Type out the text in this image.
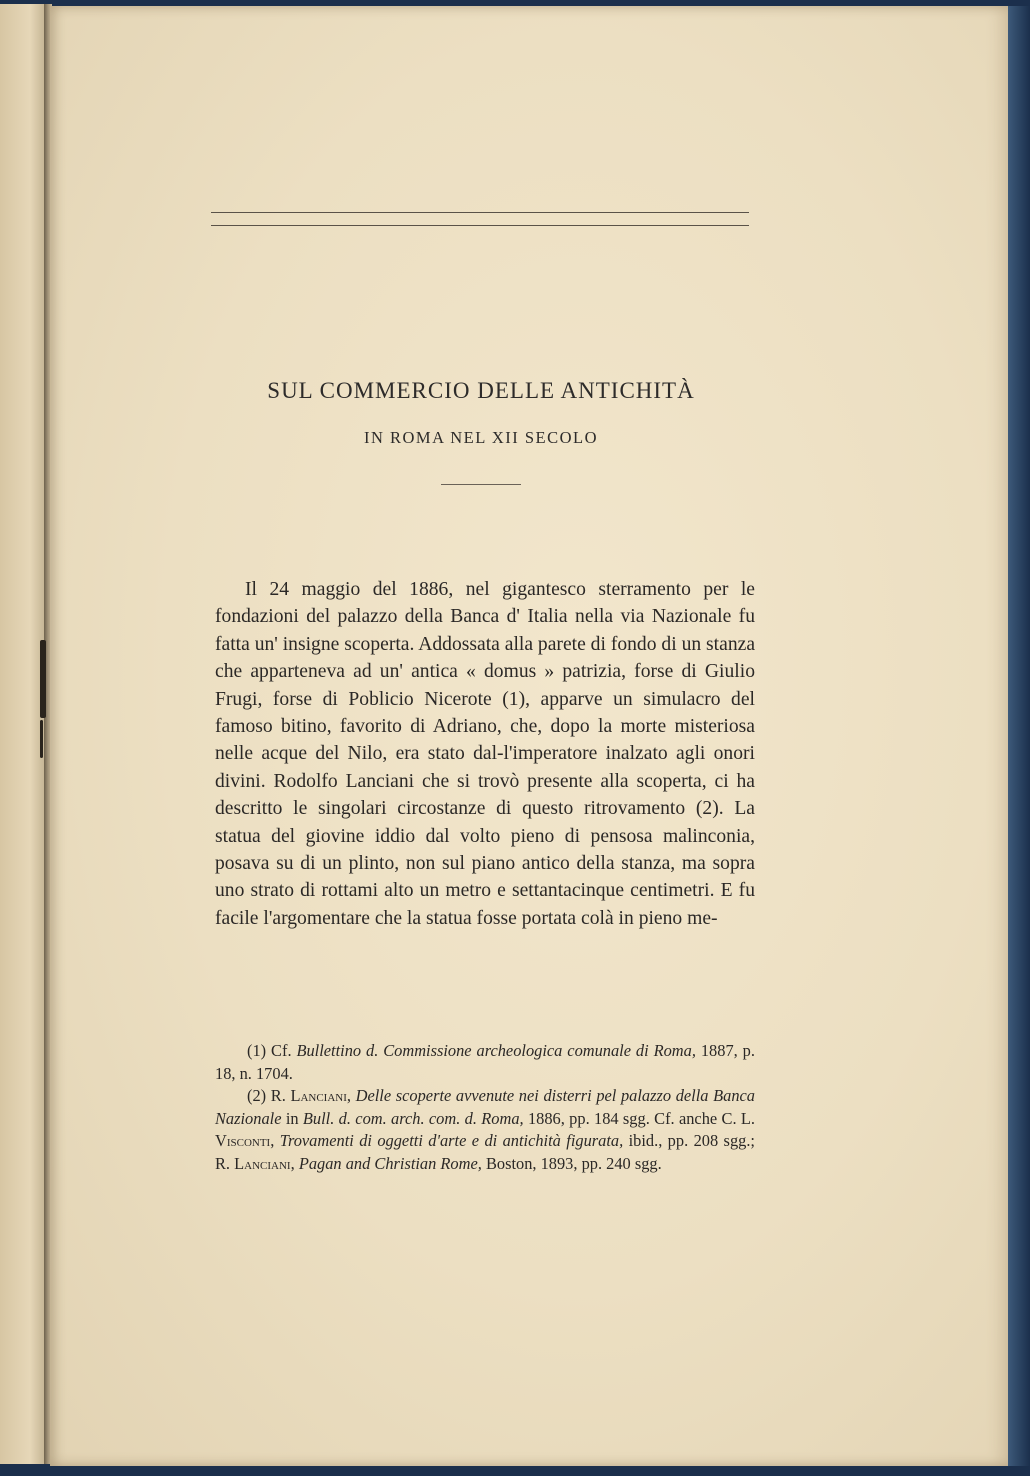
SUL COMMERCIO DELLE ANTICHITÀ
IN ROMA NEL XII SECOLO

Il 24 maggio del 1886, nel gigantesco sterramento per le fondazioni del palazzo della Banca d' Italia nella via Nazionale fu fatta un' insigne scoperta. Addossata alla parete di fondo di un stanza che apparteneva ad un' antica « domus » patrizia, forse di Giulio Frugi, forse di Poblicio Nicerote (1), apparve un simulacro del famoso bitino, favorito di Adriano, che, dopo la morte misteriosa nelle acque del Nilo, era stato dal-l'imperatore inalzato agli onori divini. Rodolfo Lanciani che si trovò presente alla scoperta, ci ha descritto le singolari circostanze di questo ritrovamento (2). La statua del giovine iddio dal volto pieno di pensosa malinconia, posava su di un plinto, non sul piano antico della stanza, ma sopra uno strato di rottami alto un metro e settantacinque centimetri. E fu facile l'argomentare che la statua fosse portata colà in pieno me-

(1) Cf. Bullettino d. Commissione archeologica comunale di Roma, 1887, p. 18, n. 1704.

(2) R. Lanciani, Delle scoperte avvenute nei disterri pel palazzo della Banca Nazionale in Bull. d. com. arch. com. d. Roma, 1886, pp. 184 sgg. Cf. anche C. L. Visconti, Trovamenti di oggetti d'arte e di antichità figurata, ibid., pp. 208 sgg.; R. Lanciani, Pagan and Christian Rome, Boston, 1893, pp. 240 sgg.
